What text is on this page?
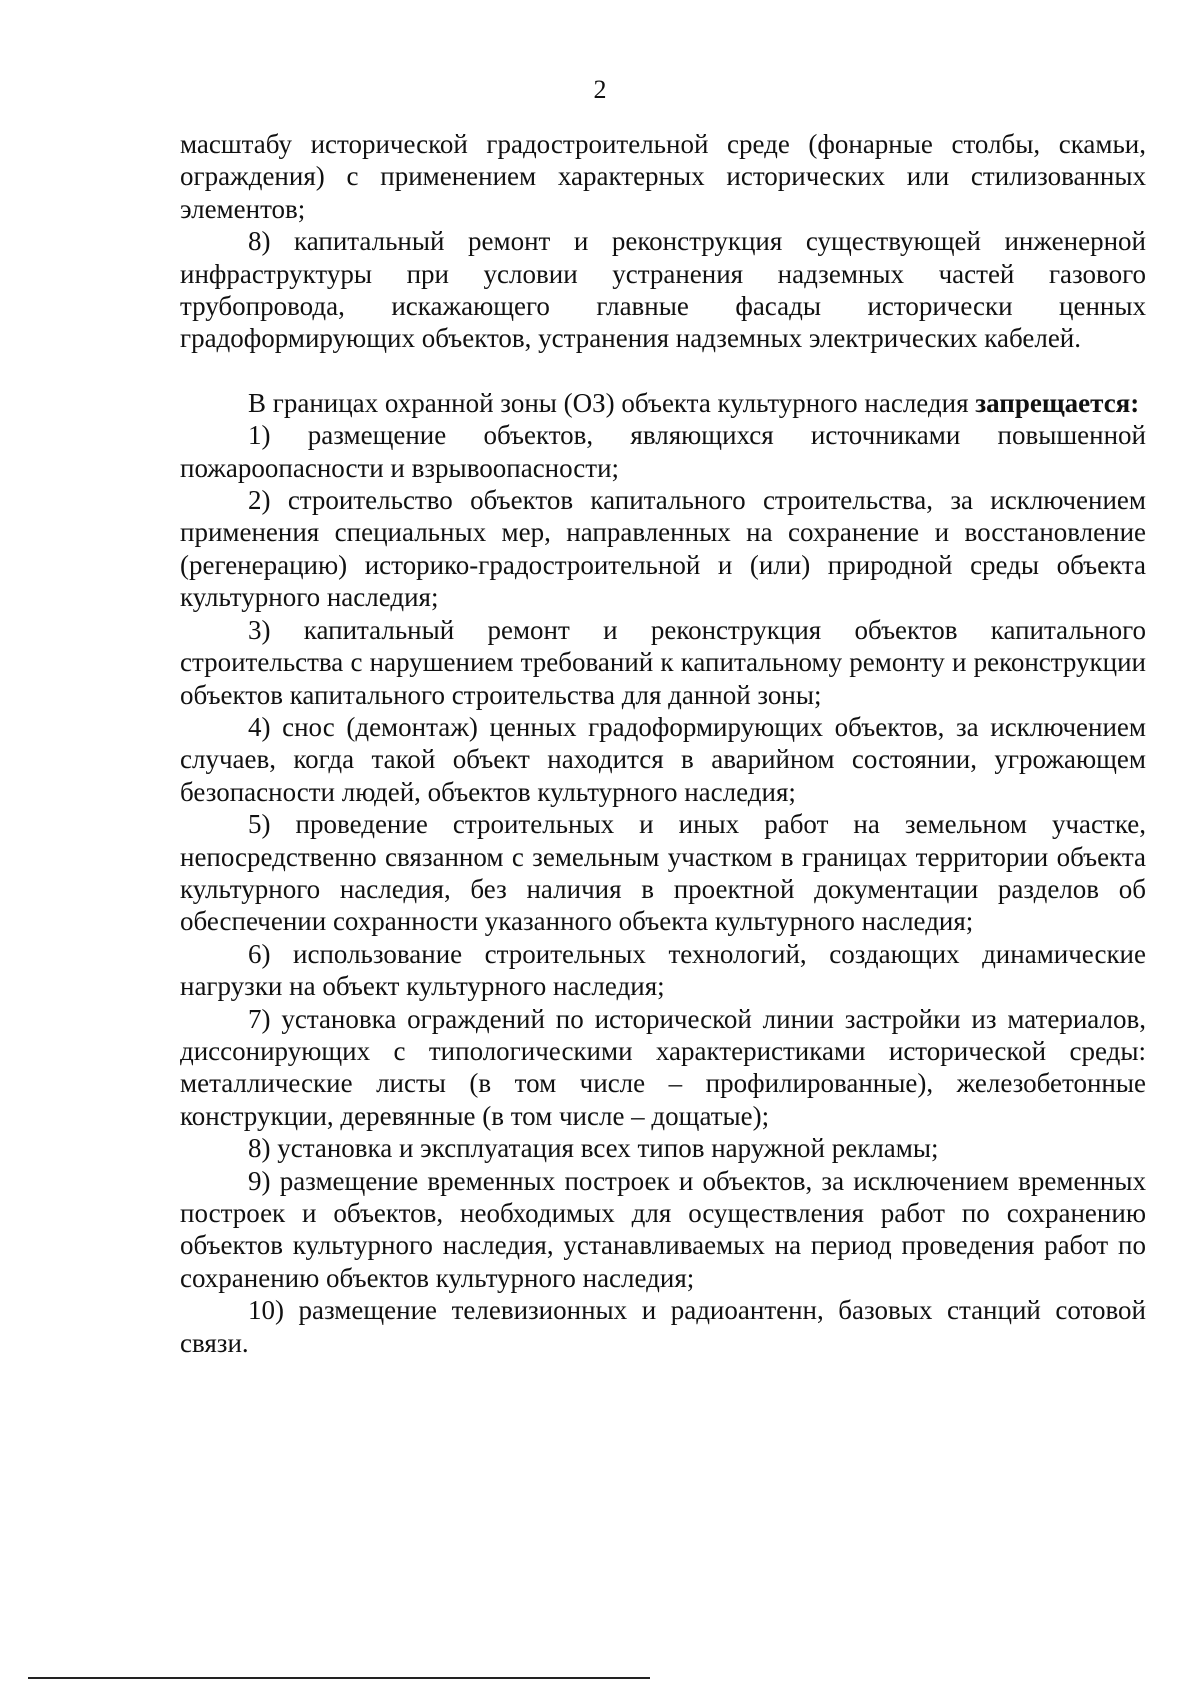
2

масштабу исторической градостроительной среде (фонарные столбы, скамьи, ограждения) с применением характерных исторических или стилизованных элементов;

8) капитальный ремонт и реконструкция существующей инженерной инфраструктуры при условии устранения надземных частей газового трубопровода, искажающего главные фасады исторически ценных градоформирующих объектов, устранения надземных электрических кабелей.

В границах охранной зоны (ОЗ) объекта культурного наследия запрещается:

1) размещение объектов, являющихся источниками повышенной пожароопасности и взрывоопасности;

2) строительство объектов капитального строительства, за исключением применения специальных мер, направленных на сохранение и восстановление (регенерацию) историко-градостроительной и (или) природной среды объекта культурного наследия;

3) капитальный ремонт и реконструкция объектов капитального строительства с нарушением требований к капитальному ремонту и реконструкции объектов капитального строительства для данной зоны;

4) снос (демонтаж) ценных градоформирующих объектов, за исключением случаев, когда такой объект находится в аварийном состоянии, угрожающем безопасности людей, объектов культурного наследия;

5) проведение строительных и иных работ на земельном участке, непосредственно связанном с земельным участком в границах территории объекта культурного наследия, без наличия в проектной документации разделов об обеспечении сохранности указанного объекта культурного наследия;

6) использование строительных технологий, создающих динамические нагрузки на объект культурного наследия;

7) установка ограждений по исторической линии застройки из материалов, диссонирующих с типологическими характеристиками исторической среды: металлические листы (в том числе – профилированные), железобетонные конструкции, деревянные (в том числе – дощатые);

8) установка и эксплуатация всех типов наружной рекламы;

9) размещение временных построек и объектов, за исключением временных построек и объектов, необходимых для осуществления работ по сохранению объектов культурного наследия, устанавливаемых на период проведения работ по сохранению объектов культурного наследия;

10) размещение телевизионных и радиоантенн, базовых станций сотовой связи.
